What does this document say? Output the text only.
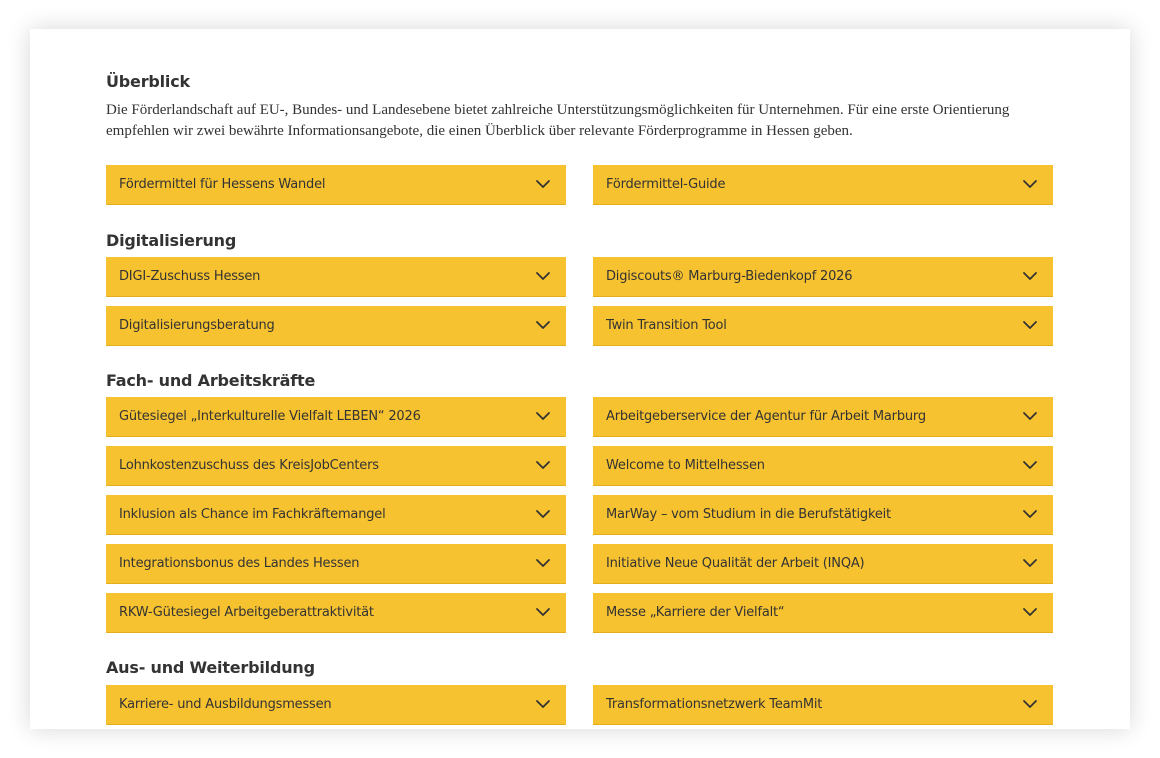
Überblick

Die Förderlandschaft auf EU-, Bundes- und Landesebene bietet zahlreiche Unterstützungsmöglichkeiten für Unternehmen. Für eine erste Orientierung empfehlen wir zwei bewährte Informationsangebote, die einen Überblick über relevante Förderprogramme in Hessen geben.

Fördermittel für Hessens Wandel	Fördermittel-Guide
Digitalisierung
DIGI-Zuschuss Hessen	Digiscouts® Marburg-Biedenkopf 2026
Digitalisierungsberatung	Twin Transition Tool
Fach- und Arbeitskräfte
Gütesiegel „Interkulturelle Vielfalt LEBEN“ 2026	Arbeitgeberservice der Agentur für Arbeit Marburg
Lohnkostenzuschuss des KreisJobCenters	Welcome to Mittelhessen
Inklusion als Chance im Fachkräftemangel	MarWay – vom Studium in die Berufstätigkeit
Integrationsbonus des Landes Hessen	Initiative Neue Qualität der Arbeit (INQA)
RKW-Gütesiegel Arbeitgeberattraktivität	Messe „Karriere der Vielfalt“
Aus- und Weiterbildung
Karriere- und Ausbildungsmessen	Transformationsnetzwerk TeamMit
